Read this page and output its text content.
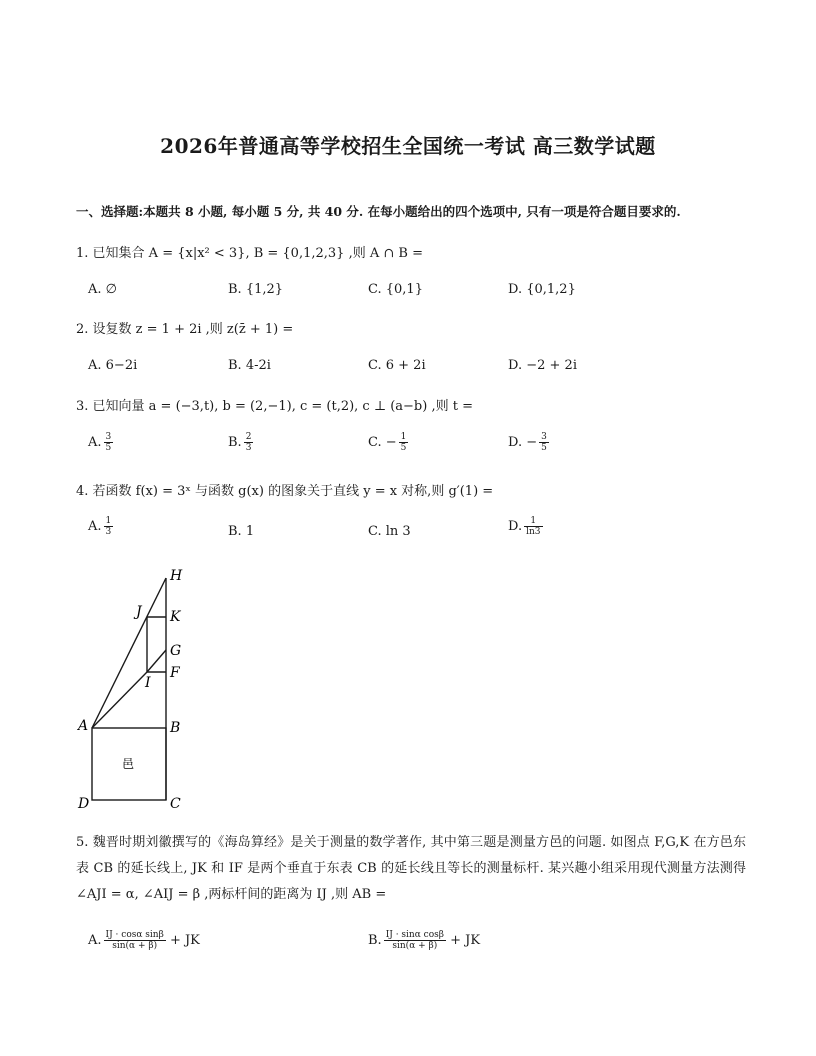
2026年普通高等学校招生全国统一考试 高三数学试题
一、选择题:本题共 8 小题, 每小题 5 分, 共 40 分. 在每小题给出的四个选项中, 只有一项是符合题目要求的.
1. 已知集合 A = {x|x² < 3}, B = {0,1,2,3} ,则 A ∩ B =
A. ∅	B. {1,2}	C. {0,1}	D. {0,1,2}
2. 设复数 z = 1 + 2i ,则 z(z̄ + 1) =
A. 6−2i	B. 4-2i	C. 6 + 2i	D. −2 + 2i
3. 已知向量 a = (−3,t), b = (2,−1), c = (t,2), c ⊥ (a−b) ,则 t =
A. $\frac{3}{5}$	B. $\frac{2}{3}$	C. − $\frac{1}{5}$	D. − $\frac{3}{5}$
4. 若函数 f(x) = 3ˣ 与函数 g(x) 的图象关于直线 y = x 对称,则 g′(1) =
A. $\frac{1}{3}$	B. 1	C. ln 3	D. $\frac{1}{\ln 3}$
H
J K
G
I
F
A	B
D	C
邑
5. 魏晋时期刘徽撰写的《海岛算经》是关于测量的数学著作, 其中第三题是测量方邑的问题. 如图点 F,G,K 在方邑东表 CB 的延长线上, JK 和 IF 是两个垂直于东表 CB 的延长线且等长的测量标杆. 某兴趣小组采用现代测量方法测得 ∠AJI = α, ∠AIJ = β ,两标杆间的距离为 IJ ,则 AB =
A. $\frac{\text{IJ · cosα sinβ}}{\sin(\alpha + \beta)}$ + JK	B. $\frac{\text{IJ · sinα cosβ}}{\sin(\alpha + \beta)}$ + JK
